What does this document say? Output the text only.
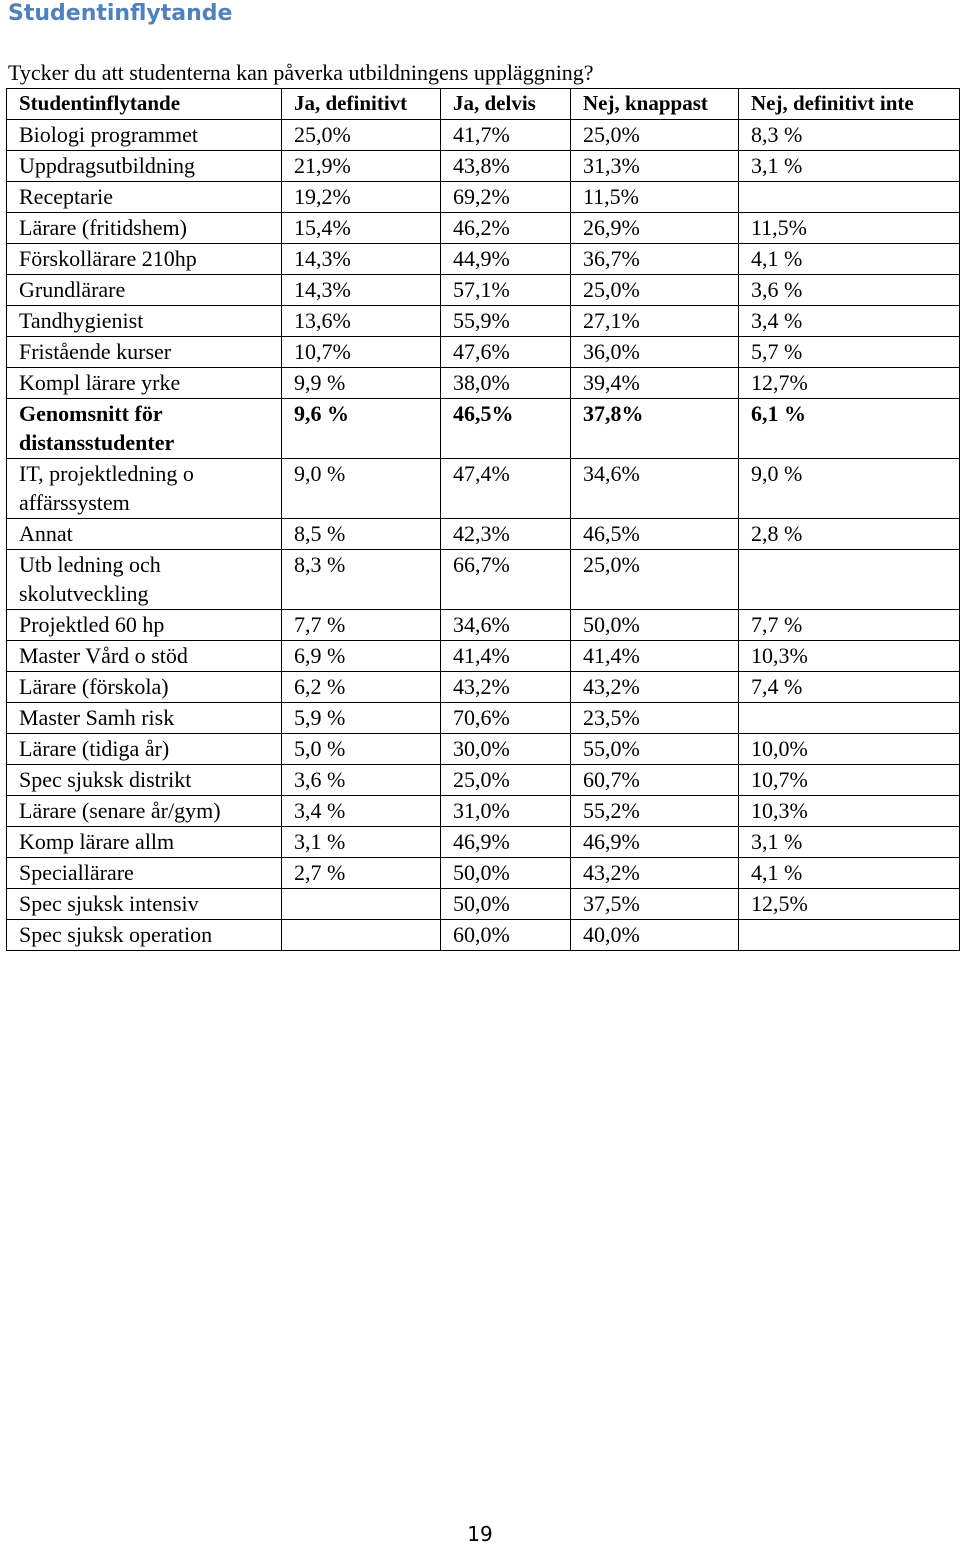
Studentinflytande

Tycker du att studenterna kan påverka utbildningens uppläggning?

Studentinflytande	Ja, definitivt	Ja, delvis	Nej, knappast	Nej, definitivt inte
Biologi programmet	25,0%	41,7%	25,0%	8,3 %
Uppdragsutbildning	21,9%	43,8%	31,3%	3,1 %
Receptarie	19,2%	69,2%	11,5%	
Lärare (fritidshem)	15,4%	46,2%	26,9%	11,5%
Förskollärare 210hp	14,3%	44,9%	36,7%	4,1 %
Grundlärare	14,3%	57,1%	25,0%	3,6 %
Tandhygienist	13,6%	55,9%	27,1%	3,4 %
Fristående kurser	10,7%	47,6%	36,0%	5,7 %
Kompl lärare yrke	9,9 %	38,0%	39,4%	12,7%
Genomsnitt för distansstudenter	9,6 %	46,5%	37,8%	6,1 %
IT, projektledning o affärssystem	9,0 %	47,4%	34,6%	9,0 %
Annat	8,5 %	42,3%	46,5%	2,8 %
Utb ledning och skolutveckling	8,3 %	66,7%	25,0%	
Projektled 60 hp	7,7 %	34,6%	50,0%	7,7 %
Master Vård o stöd	6,9 %	41,4%	41,4%	10,3%
Lärare (förskola)	6,2 %	43,2%	43,2%	7,4 %
Master Samh risk	5,9 %	70,6%	23,5%	
Lärare (tidiga år)	5,0 %	30,0%	55,0%	10,0%
Spec sjuksk distrikt	3,6 %	25,0%	60,7%	10,7%
Lärare (senare år/gym)	3,4 %	31,0%	55,2%	10,3%
Komp lärare allm	3,1 %	46,9%	46,9%	3,1 %
Speciallärare	2,7 %	50,0%	43,2%	4,1 %
Spec sjuksk intensiv		50,0%	37,5%	12,5%
Spec sjuksk operation		60,0%	40,0%	
19
